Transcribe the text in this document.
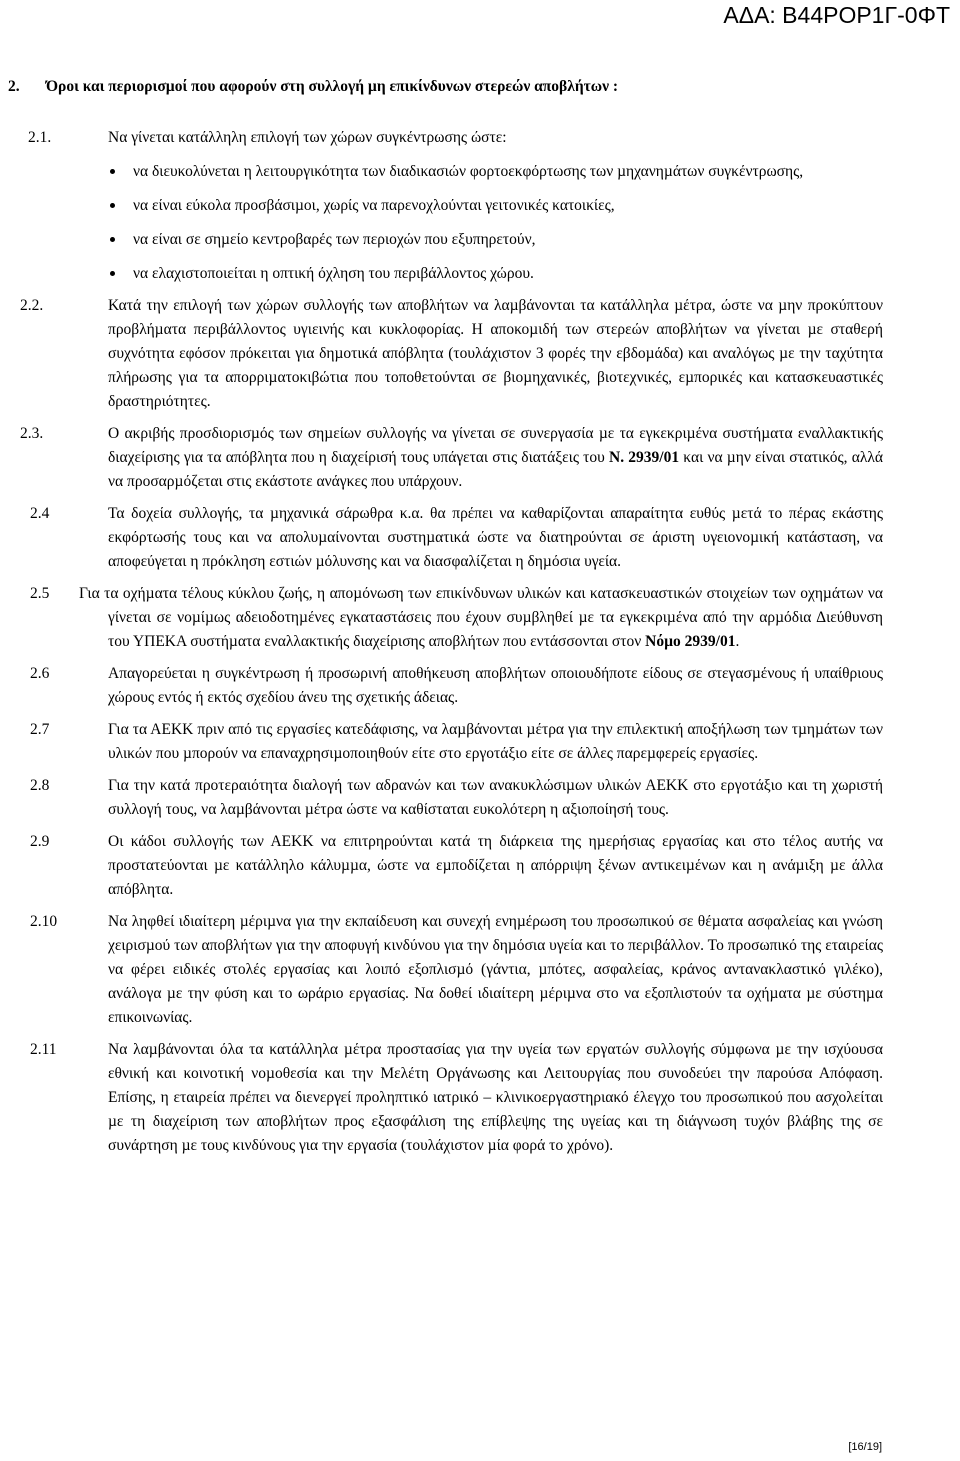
ΑΔΑ: Β44ΡΟΡ1Γ-0ΦΤ
2. Όροι και περιορισµοί που αφορούν στη συλλογή µη επικίνδυνων στερεών αποβλήτων :
2.1.	Να γίνεται κατάλληλη επιλογή των χώρων συγκέντρωσης ώστε:
να διευκολύνεται η λειτουργικότητα των διαδικασιών φορτοεκφόρτωσης των µηχανηµάτων συγκέντρωσης,
να είναι εύκολα προσβάσιµοι, χωρίς να παρενοχλούνται γειτονικές κατοικίες,
να είναι σε σηµείο κεντροβαρές των περιοχών που εξυπηρετούν,
να ελαχιστοποιείται η οπτική όχληση του περιβάλλοντος χώρου.
2.2.	Κατά την επιλογή των χώρων συλλογής των αποβλήτων να λαµβάνονται τα κατάλληλα µέτρα, ώστε να µην προκύπτουν προβλήµατα περιβάλλοντος υγιεινής και κυκλοφορίας. Η αποκοµιδή των στερεών αποβλήτων να γίνεται µε σταθερή συχνότητα εφόσον πρόκειται για δηµοτικά απόβλητα (τουλάχιστον 3 φορές την εβδοµάδα) και αναλόγως µε την ταχύτητα πλήρωσης για τα απορριµατοκιβώτια που τοποθετούνται σε βιοµηχανικές, βιοτεχνικές, εµπορικές και κατασκευαστικές δραστηριότητες.
2.3.	Ο ακριβής προσδιορισµός των σηµείων συλλογής να γίνεται σε συνεργασία µε τα εγκεκριµένα συστήµατα εναλλακτικής διαχείρισης για τα απόβλητα που η διαχείρισή τους υπάγεται στις διατάξεις του Ν. 2939/01 και να µην είναι στατικός, αλλά να προσαρµόζεται στις εκάστοτε ανάγκες που υπάρχουν.
2.4	Τα δοχεία συλλογής, τα µηχανικά σάρωθρα κ.α. θα πρέπει να καθαρίζονται απαραίτητα ευθύς µετά το πέρας εκάστης εκφόρτωσής τους και να απολυµαίνονται συστηµατικά ώστε να διατηρούνται σε άριστη υγειονοµική κατάσταση, να αποφεύγεται η πρόκληση εστιών µόλυνσης και να διασφαλίζεται η δηµόσια υγεία.
2.5 Για τα οχήµατα τέλους κύκλου ζωής, η αποµόνωση των επικίνδυνων υλικών και κατασκευαστικών στοιχείων των οχηµάτων να γίνεται σε νοµίµως αδειοδοτηµένες εγκαταστάσεις που έχουν συµβληθεί µε τα εγκεκριµένα από την αρµόδια Διεύθυνση του ΥΠΕΚΑ συστήµατα εναλλακτικής διαχείρισης αποβλήτων που εντάσσονται στον Νόµο 2939/01.
2.6	Απαγορεύεται η συγκέντρωση ή προσωρινή αποθήκευση αποβλήτων οποιουδήποτε είδους σε στεγασµένους ή υπαίθριους χώρους εντός ή εκτός σχεδίου άνευ της σχετικής άδειας.
2.7	Για τα ΑΕΚΚ πριν από τις εργασίες κατεδάφισης, να λαµβάνονται µέτρα για την επιλεκτική αποξήλωση των τµηµάτων των υλικών που µπορούν να επαναχρησιµοποιηθούν είτε στο εργοτάξιο είτε σε άλλες παρεµφερείς εργασίες.
2.8	Για την κατά προτεραιότητα διαλογή των αδρανών και των ανακυκλώσιµων υλικών ΑΕΚΚ στο εργοτάξιο και τη χωριστή συλλογή τους, να λαµβάνονται µέτρα ώστε να καθίσταται ευκολότερη η αξιοποίησή τους.
2.9	Οι κάδοι συλλογής των ΑΕΚΚ να επιτρηρούνται κατά τη διάρκεια της ηµερήσιας εργασίας και στο τέλος αυτής να προστατεύονται µε κατάλληλο κάλυµµα, ώστε να εµποδίζεται η απόρριψη ξένων αντικειµένων και η ανάµιξη µε άλλα απόβλητα.
2.10	Να ληφθεί ιδιαίτερη µέριµνα για την εκπαίδευση και συνεχή ενηµέρωση του προσωπικού σε θέµατα ασφαλείας και γνώση χειρισµού των αποβλήτων για την αποφυγή κινδύνου για την δηµόσια υγεία και το περιβάλλον. Το προσωπικό της εταιρείας να φέρει ειδικές στολές εργασίας και λοιπό εξοπλισµό (γάντια, µπότες, ασφαλείας, κράνος αντανακλαστικό γιλέκο), ανάλογα µε την φύση και το ωράριο εργασίας. Να δοθεί ιδιαίτερη µέριµνα στο να εξοπλιστούν τα οχήµατα µε σύστηµα επικοινωνίας.
2.11	Να λαµβάνονται όλα τα κατάλληλα µέτρα προστασίας για την υγεία των εργατών συλλογής σύµφωνα µε την ισχύουσα εθνική και κοινοτική νοµοθεσία και την Μελέτη Οργάνωσης και Λειτουργίας που συνοδεύει την παρούσα Απόφαση. Επίσης, η εταιρεία πρέπει να διενεργεί προληπτικό ιατρικό – κλινικοεργαστηριακό έλεγχο του προσωπικού που ασχολείται µε τη διαχείριση των αποβλήτων προς εξασφάλιση της επίβλεψης της υγείας και τη διάγνωση τυχόν βλάβης της σε συνάρτηση µε τους κινδύνους για την εργασία (τουλάχιστον µία φορά το χρόνο).
[16/19]
